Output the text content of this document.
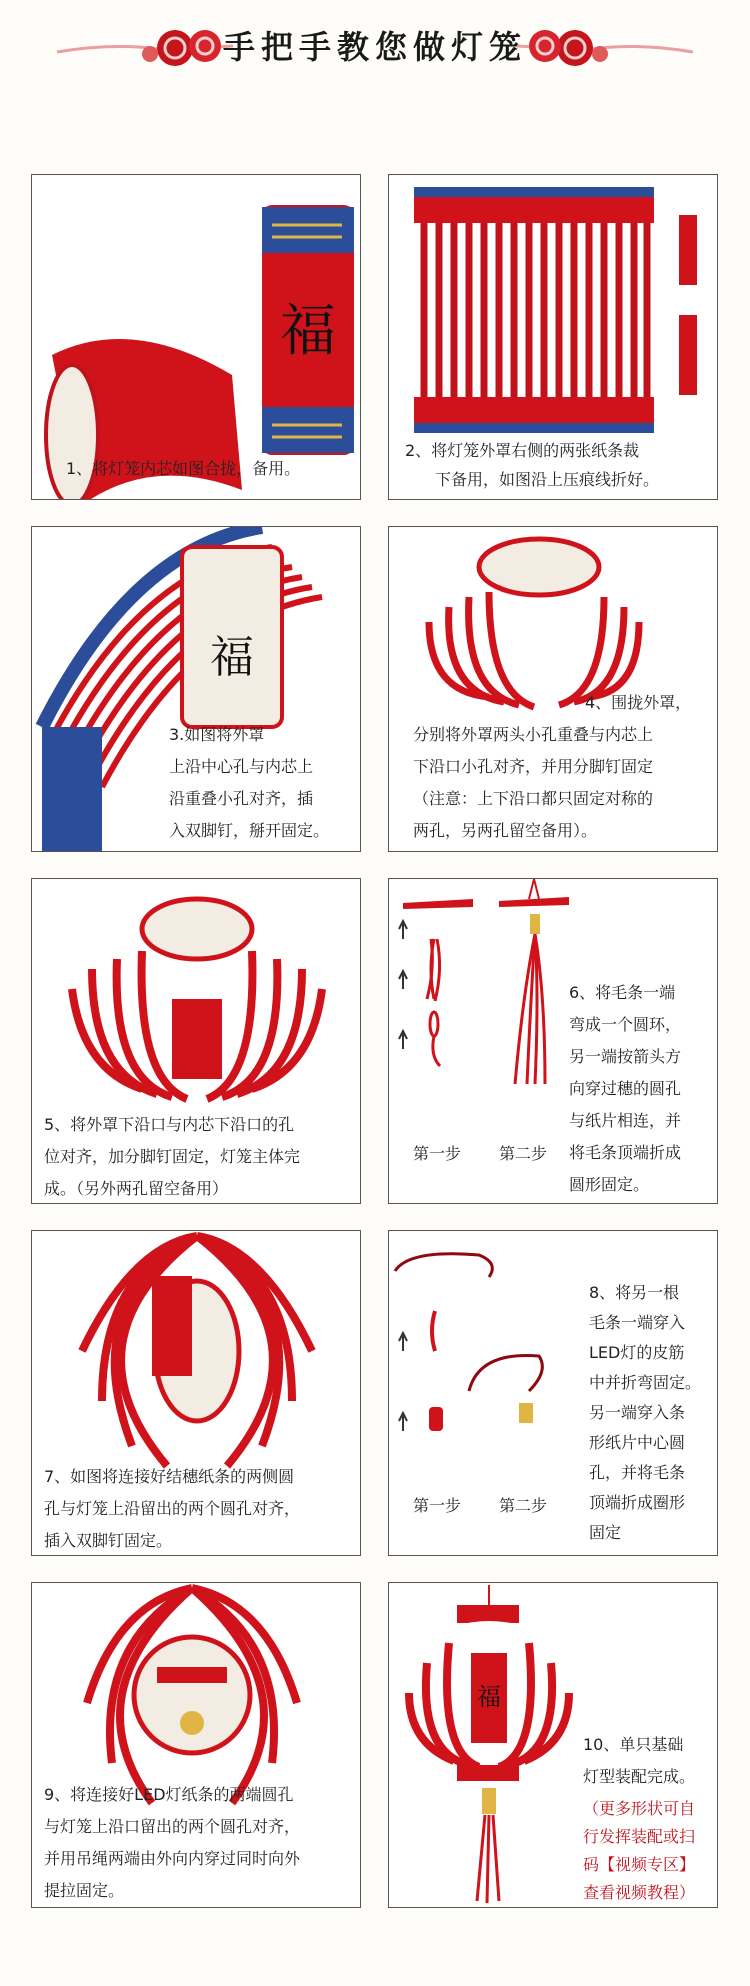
手把手教您做灯笼
福
1、将灯笼内芯如图合拢，备用。
2、将灯笼外罩右侧的两张纸条裁
下备用，如图沿上压痕线折好。
福
3.如图将外罩
上沿中心孔与内芯上
沿重叠小孔对齐，插
入双脚钉，掰开固定。
4、围拢外罩，
分别将外罩两头小孔重叠与内芯上
下沿口小孔对齐，并用分脚钉固定
（注意：上下沿口都只固定对称的
两孔，另两孔留空备用）。
5、将外罩下沿口与内芯下沿口的孔
位对齐，加分脚钉固定，灯笼主体完
成。（另外两孔留空备用）
第一步 第二步
6、将毛条一端
弯成一个圆环，
另一端按箭头方
向穿过穗的圆孔
与纸片相连，并
将毛条顶端折成
圆形固定。
7、如图将连接好结穗纸条的两侧圆
孔与灯笼上沿留出的两个圆孔对齐，
插入双脚钉固定。
第一步 第二步
8、将另一根
毛条一端穿入
LED灯的皮筋
中并折弯固定。
另一端穿入条
形纸片中心圆
孔，并将毛条
顶端折成圈形
固定
9、将连接好LED灯纸条的两端圆孔
与灯笼上沿口留出的两个圆孔对齐，
并用吊绳两端由外向内穿过同时向外
提拉固定。
福
10、单只基础
灯型装配完成。
（更多形状可自
行发挥装配或扫
码【视频专区】
查看视频教程）
